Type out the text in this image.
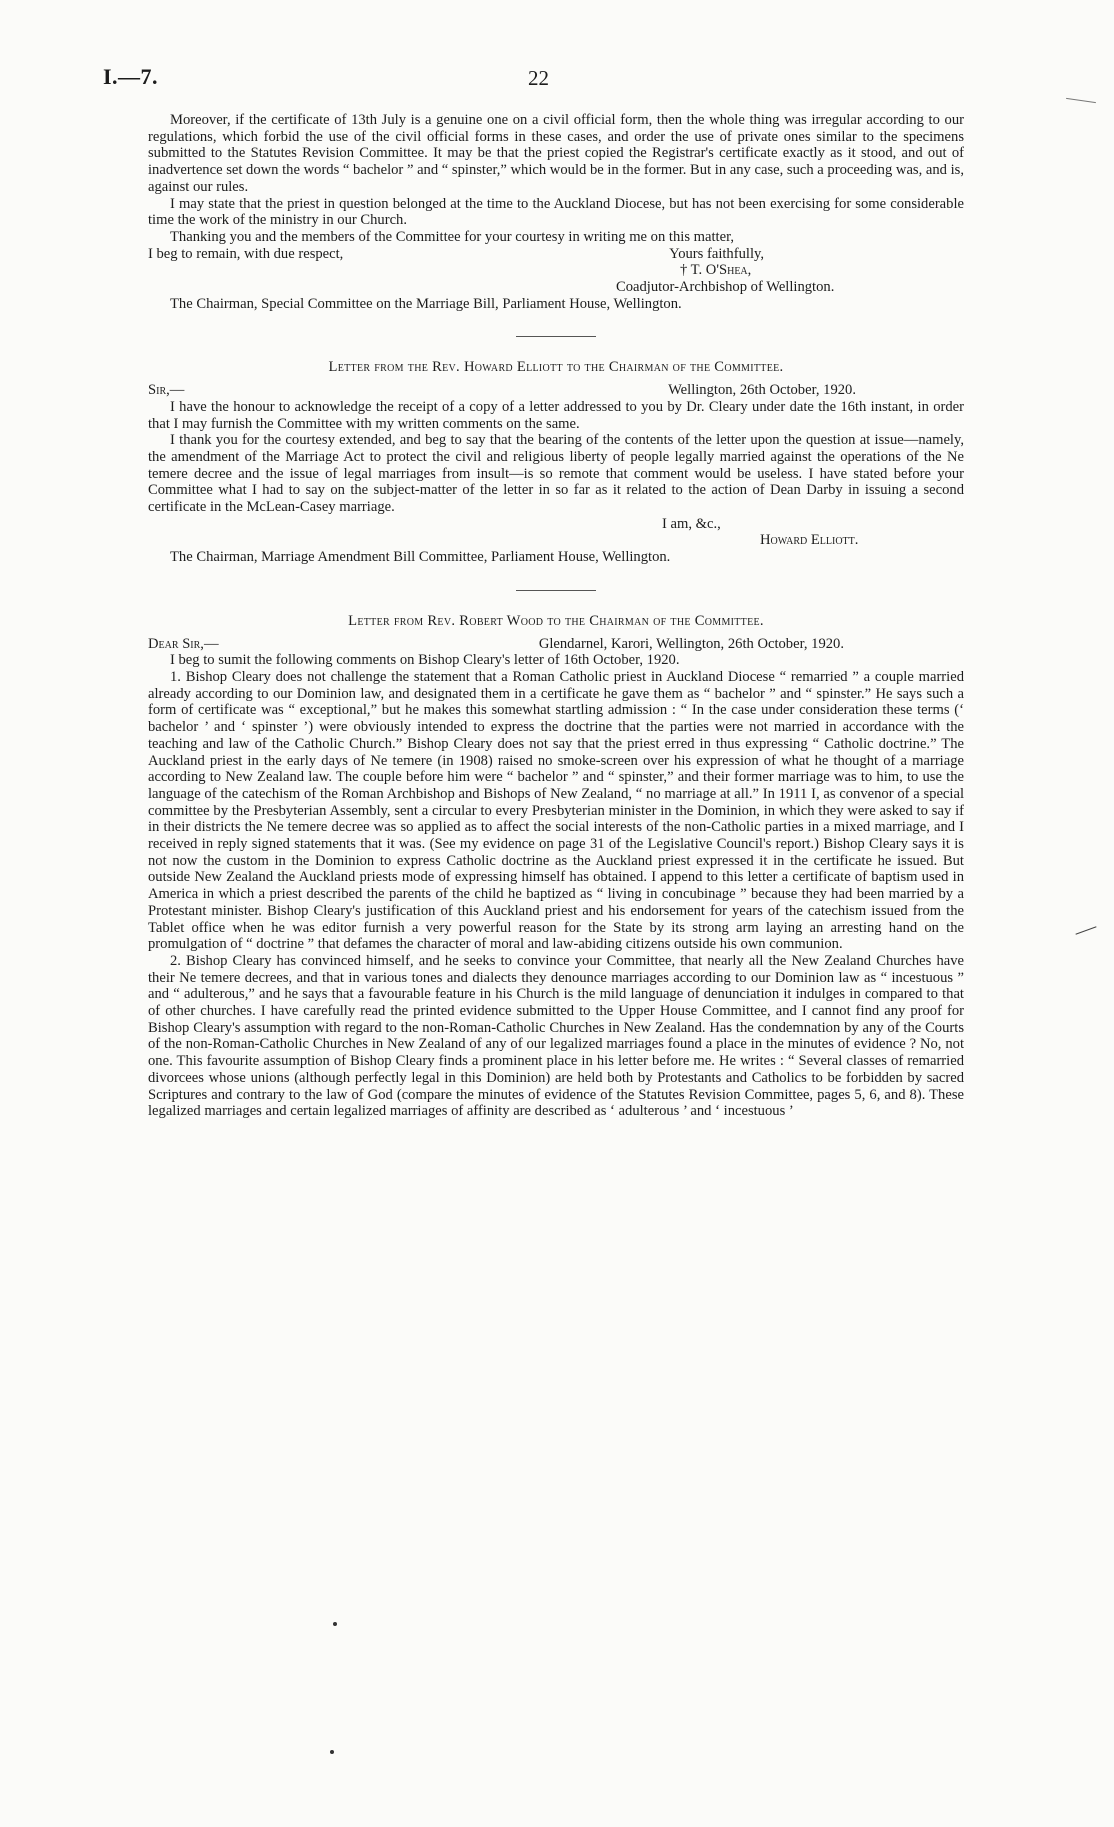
I.—7.	22

Moreover, if the certificate of 13th July is a genuine one on a civil official form, then the whole thing was irregular according to our regulations, which forbid the use of the civil official forms in these cases, and order the use of private ones similar to the specimens submitted to the Statutes Revision Committee. It may be that the priest copied the Registrar's certificate exactly as it stood, and out of inadvertence set down the words “ bachelor ” and “ spinster,” which would be in the former. But in any case, such a proceeding was, and is, against our rules.

I may state that the priest in question belonged at the time to the Auckland Diocese, but has not been exercising for some considerable time the work of the ministry in our Church.

Thanking you and the members of the Committee for your courtesy in writing me on this matter,

I beg to remain, with due respect,	Yours faithfully,
† T. O'Shea,
Coadjutor-Archbishop of Wellington.

The Chairman, Special Committee on the Marriage Bill, Parliament House, Wellington.

Letter from the Rev. Howard Elliott to the Chairman of the Committee.
Sir,—	Wellington, 26th October, 1920.

I have the honour to acknowledge the receipt of a copy of a letter addressed to you by Dr. Cleary under date the 16th instant, in order that I may furnish the Committee with my written comments on the same.

I thank you for the courtesy extended, and beg to say that the bearing of the contents of the letter upon the question at issue—namely, the amendment of the Marriage Act to protect the civil and religious liberty of people legally married against the operations of the Ne temere decree and the issue of legal marriages from insult—is so remote that comment would be useless. I have stated before your Committee what I had to say on the subject-matter of the letter in so far as it related to the action of Dean Darby in issuing a second certificate in the McLean-Casey marriage.

I am, &c.,
Howard Elliott.

The Chairman, Marriage Amendment Bill Committee, Parliament House, Wellington.

Letter from Rev. Robert Wood to the Chairman of the Committee.
Dear Sir,—	Glendarnel, Karori, Wellington, 26th October, 1920.

I beg to sumit the following comments on Bishop Cleary's letter of 16th October, 1920.

1. Bishop Cleary does not challenge the statement that a Roman Catholic priest in Auckland Diocese “ remarried ” a couple married already according to our Dominion law, and designated them in a certificate he gave them as “ bachelor ” and “ spinster.” He says such a form of certificate was “ exceptional,” but he makes this somewhat startling admission : “ In the case under consideration these terms (‘ bachelor ’ and ‘ spinster ’) were obviously intended to express the doctrine that the parties were not married in accordance with the teaching and law of the Catholic Church.” Bishop Cleary does not say that the priest erred in thus expressing “ Catholic doctrine.” The Auckland priest in the early days of Ne temere (in 1908) raised no smoke-screen over his expression of what he thought of a marriage according to New Zealand law. The couple before him were “ bachelor ” and “ spinster,” and their former marriage was to him, to use the language of the catechism of the Roman Archbishop and Bishops of New Zealand, “ no marriage at all.” In 1911 I, as convenor of a special committee by the Presbyterian Assembly, sent a circular to every Presbyterian minister in the Dominion, in which they were asked to say if in their districts the Ne temere decree was so applied as to affect the social interests of the non-Catholic parties in a mixed marriage, and I received in reply signed statements that it was. (See my evidence on page 31 of the Legislative Council's report.) Bishop Cleary says it is not now the custom in the Dominion to express Catholic doctrine as the Auckland priest expressed it in the certificate he issued. But outside New Zealand the Auckland priests mode of expressing himself has obtained. I append to this letter a certificate of baptism used in America in which a priest described the parents of the child he baptized as “ living in concubinage ” because they had been married by a Protestant minister. Bishop Cleary's justification of this Auckland priest and his endorsement for years of the catechism issued from the Tablet office when he was editor furnish a very powerful reason for the State by its strong arm laying an arresting hand on the promulgation of “ doctrine ” that defames the character of moral and law-abiding citizens outside his own communion.

2. Bishop Cleary has convinced himself, and he seeks to convince your Committee, that nearly all the New Zealand Churches have their Ne temere decrees, and that in various tones and dialects they denounce marriages according to our Dominion law as “ incestuous ” and “ adulterous,” and he says that a favourable feature in his Church is the mild language of denunciation it indulges in compared to that of other churches. I have carefully read the printed evidence submitted to the Upper House Committee, and I cannot find any proof for Bishop Cleary's assumption with regard to the non-Roman-Catholic Churches in New Zealand. Has the condemnation by any of the Courts of the non-Roman-Catholic Churches in New Zealand of any of our legalized marriages found a place in the minutes of evidence ? No, not one. This favourite assumption of Bishop Cleary finds a prominent place in his letter before me. He writes : “ Several classes of remarried divorcees whose unions (although perfectly legal in this Dominion) are held both by Protestants and Catholics to be forbidden by sacred Scriptures and contrary to the law of God (compare the minutes of evidence of the Statutes Revision Committee, pages 5, 6, and 8). These legalized marriages and certain legalized marriages of affinity are described as ‘ adulterous ’ and ‘ incestuous ’
